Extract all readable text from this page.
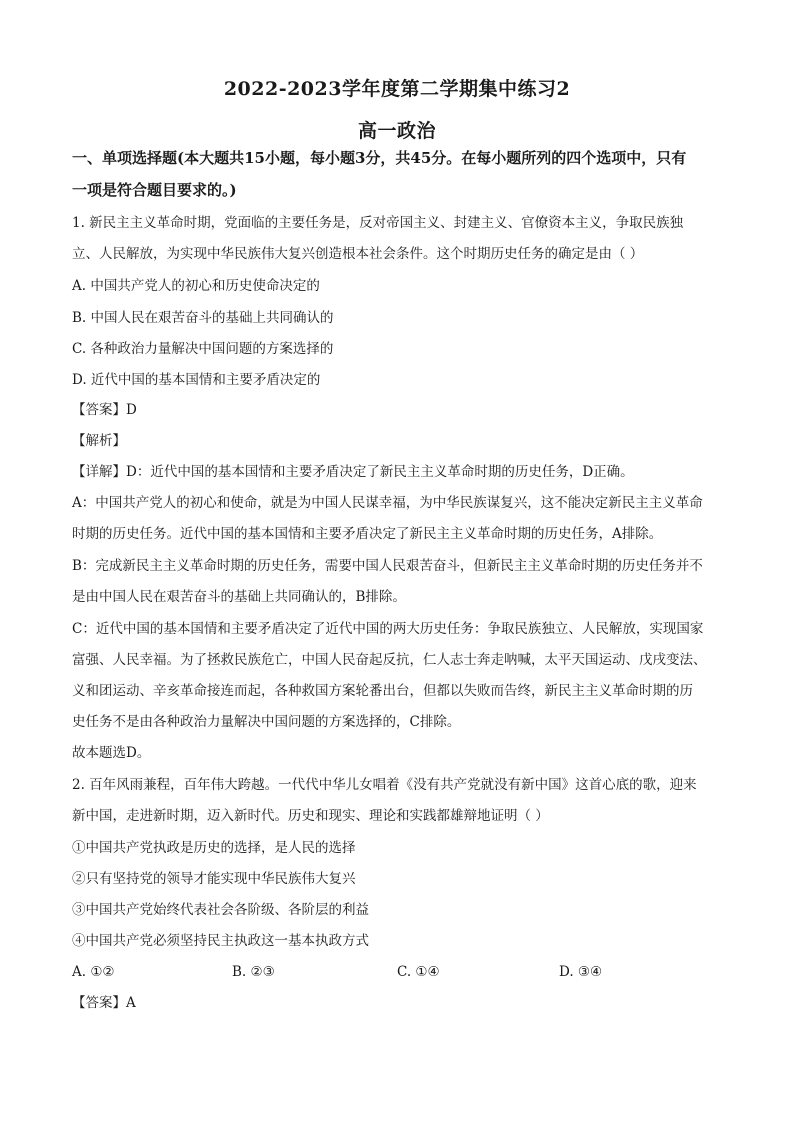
2022-2023学年度第二学期集中练习2
高一政治
一、单项选择题(本大题共15小题，每小题3分，共45分。在每小题所列的四个选项中，只有
一项是符合题目要求的。)
1. 新民主主义革命时期，党面临的主要任务是，反对帝国主义、封建主义、官僚资本主义，争取民族独
立、人民解放，为实现中华民族伟大复兴创造根本社会条件。这个时期历史任务的确定是由（ ）
A. 中国共产党人的初心和历史使命决定的
B. 中国人民在艰苦奋斗的基础上共同确认的
C. 各种政治力量解决中国问题的方案选择的
D. 近代中国的基本国情和主要矛盾决定的
【答案】D
【解析】
【详解】D：近代中国的基本国情和主要矛盾决定了新民主主义革命时期的历史任务，D正确。
A：中国共产党人的初心和使命，就是为中国人民谋幸福，为中华民族谋复兴，这不能决定新民主主义革命
时期的历史任务。近代中国的基本国情和主要矛盾决定了新民主主义革命时期的历史任务，A排除。
B：完成新民主主义革命时期的历史任务，需要中国人民艰苦奋斗，但新民主主义革命时期的历史任务并不
是由中国人民在艰苦奋斗的基础上共同确认的，B排除。
C：近代中国的基本国情和主要矛盾决定了近代中国的两大历史任务：争取民族独立、人民解放，实现国家
富强、人民幸福。为了拯救民族危亡，中国人民奋起反抗，仁人志士奔走呐喊，太平天国运动、戊戌变法、
义和团运动、辛亥革命接连而起，各种救国方案轮番出台，但都以失败而告终，新民主主义革命时期的历
史任务不是由各种政治力量解决中国问题的方案选择的，C排除。
故本题选D。
2. 百年风雨兼程，百年伟大跨越。一代代中华儿女唱着《没有共产党就没有新中国》这首心底的歌，迎来
新中国，走进新时期，迈入新时代。历史和现实、理论和实践都雄辩地证明（ ）
①中国共产党执政是历史的选择，是人民的选择
②只有坚持党的领导才能实现中华民族伟大复兴
③中国共产党始终代表社会各阶级、各阶层的利益
④中国共产党必须坚持民主执政这一基本执政方式
A. ①②	B. ②③	C. ①④	D. ③④
【答案】A
